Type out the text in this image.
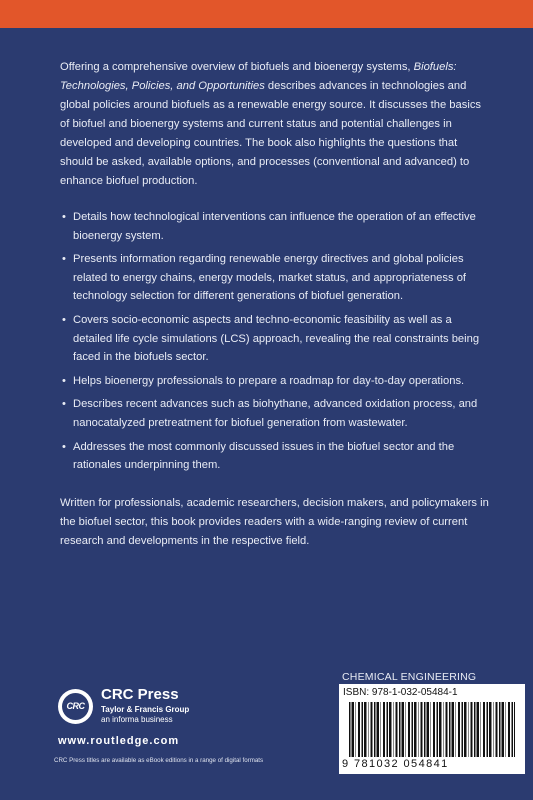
Offering a comprehensive overview of biofuels and bioenergy systems, Biofuels: Technologies, Policies, and Opportunities describes advances in technologies and global policies around biofuels as a renewable energy source. It discusses the basics of biofuel and bioenergy systems and current status and potential challenges in developed and developing countries. The book also highlights the questions that should be asked, available options, and processes (conventional and advanced) to enhance biofuel production.

• Details how technological interventions can influence the operation of an effective bioenergy system.
• Presents information regarding renewable energy directives and global policies related to energy chains, energy models, market status, and appropriateness of technology selection for different generations of biofuel generation.
• Covers socio-economic aspects and techno-economic feasibility as well as a detailed life cycle simulations (LCS) approach, revealing the real constraints being faced in the biofuels sector.
• Helps bioenergy professionals to prepare a roadmap for day-to-day operations.
• Describes recent advances such as biohythane, advanced oxidation process, and nanocatalyzed pretreatment for biofuel generation from wastewater.
• Addresses the most commonly discussed issues in the biofuel sector and the rationales underpinning them.

Written for professionals, academic researchers, decision makers, and policymakers in the biofuel sector, this book provides readers with a wide-ranging review of current research and developments in the respective field.

CRC
CRC Press
Taylor & Francis Group
an informa business
www.routledge.com
CRC Press titles are available as eBook editions in a range of digital formats
CHEMICAL ENGINEERING
ISBN: 978-1-032-05484-1
9 781032 054841
